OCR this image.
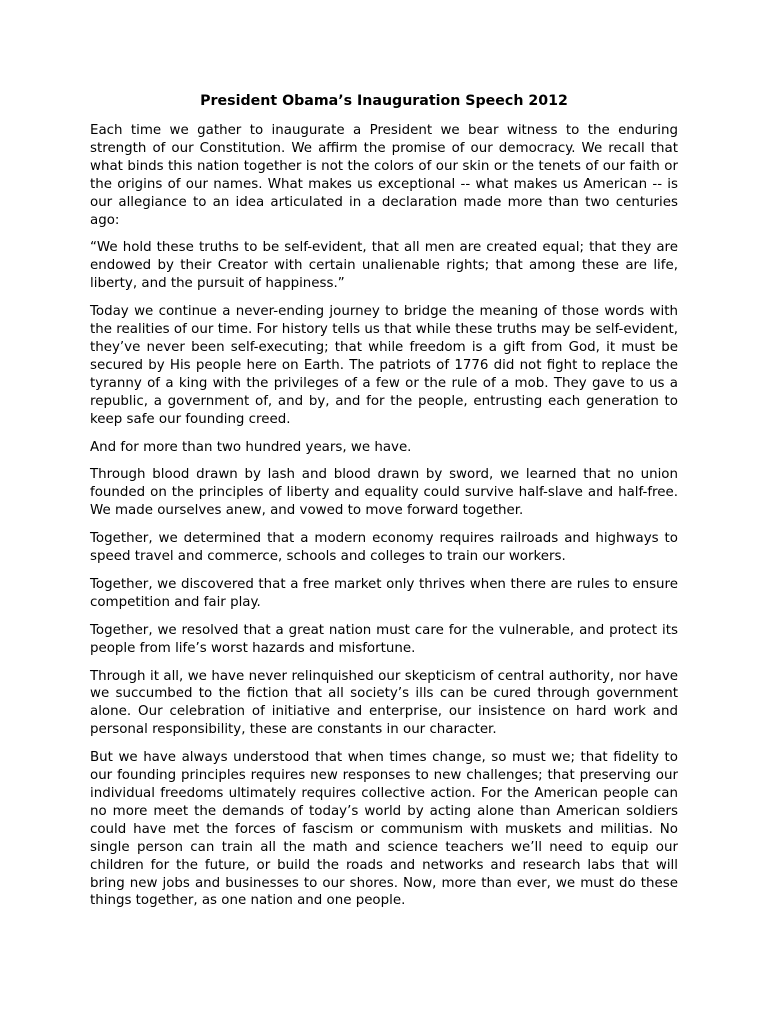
President Obama’s Inauguration Speech 2012

Each time we gather to inaugurate a President we bear witness to the enduring strength of our Constitution. We affirm the promise of our democracy. We recall that what binds this nation together is not the colors of our skin or the tenets of our faith or the origins of our names. What makes us exceptional -- what makes us American -- is our allegiance to an idea articulated in a declaration made more than two centuries ago:

“We hold these truths to be self-evident, that all men are created equal; that they are endowed by their Creator with certain unalienable rights; that among these are life, liberty, and the pursuit of happiness.”

Today we continue a never-ending journey to bridge the meaning of those words with the realities of our time. For history tells us that while these truths may be self-evident, they’ve never been self-executing; that while freedom is a gift from God, it must be secured by His people here on Earth. The patriots of 1776 did not fight to replace the tyranny of a king with the privileges of a few or the rule of a mob. They gave to us a republic, a government of, and by, and for the people, entrusting each generation to keep safe our founding creed.

And for more than two hundred years, we have.

Through blood drawn by lash and blood drawn by sword, we learned that no union founded on the principles of liberty and equality could survive half-slave and half-free. We made ourselves anew, and vowed to move forward together.

Together, we determined that a modern economy requires railroads and highways to speed travel and commerce, schools and colleges to train our workers.

Together, we discovered that a free market only thrives when there are rules to ensure competition and fair play.

Together, we resolved that a great nation must care for the vulnerable, and protect its people from life’s worst hazards and misfortune.

Through it all, we have never relinquished our skepticism of central authority, nor have we succumbed to the fiction that all society’s ills can be cured through government alone. Our celebration of initiative and enterprise, our insistence on hard work and personal responsibility, these are constants in our character.

But we have always understood that when times change, so must we; that fidelity to our founding principles requires new responses to new challenges; that preserving our individual freedoms ultimately requires collective action. For the American people can no more meet the demands of today’s world by acting alone than American soldiers could have met the forces of fascism or communism with muskets and militias. No single person can train all the math and science teachers we’ll need to equip our children for the future, or build the roads and networks and research labs that will bring new jobs and businesses to our shores. Now, more than ever, we must do these things together, as one nation and one people.
